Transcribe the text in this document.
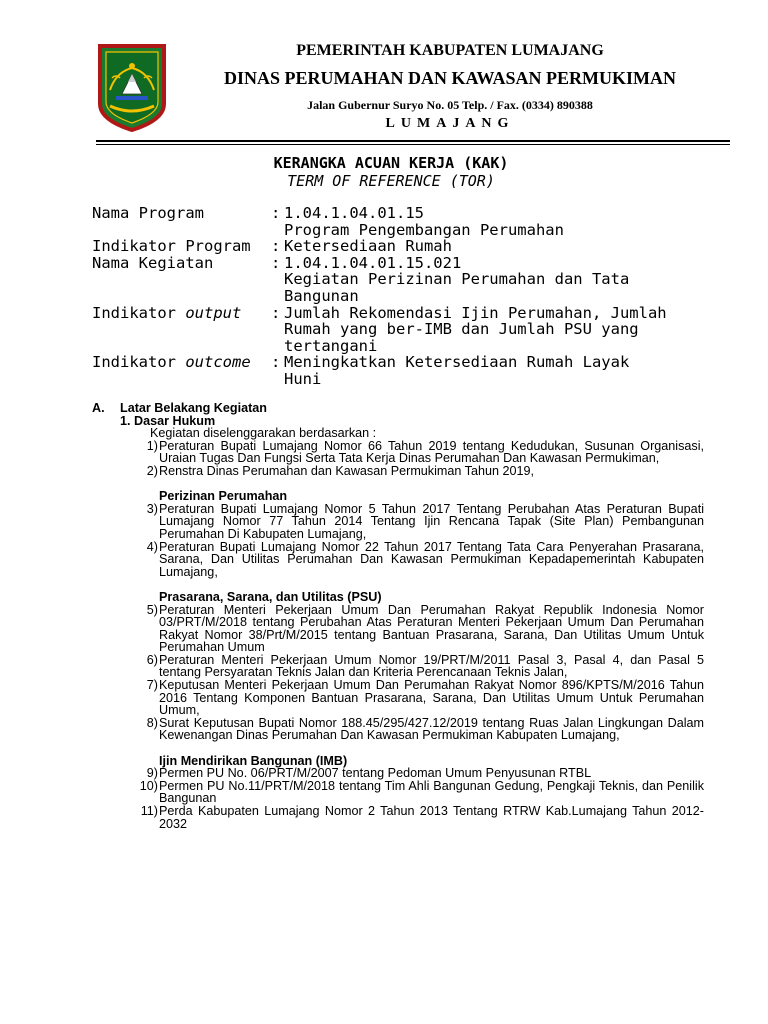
PEMERINTAH KABUPATEN LUMAJANG
DINAS PERUMAHAN DAN KAWASAN PERMUKIMAN
Jalan Gubernur Suryo No. 05 Telp. / Fax. (0334) 890388
LUMAJANG
KERANGKA ACUAN KERJA (KAK)
TERM OF REFERENCE (TOR)
Nama Program	: 1.04.1.04.01.15
Program Pengembangan Perumahan
Indikator Program	: Ketersediaan Rumah
Nama Kegiatan	: 1.04.1.04.01.15.021
Kegiatan Perizinan Perumahan dan Tata
Bangunan
Indikator output	: Jumlah Rekomendasi Ijin Perumahan, Jumlah
Rumah yang ber-IMB dan Jumlah PSU yang
tertangani
Indikator outcome	: Meningkatkan Ketersediaan Rumah Layak
Huni
A.	Latar Belakang Kegiatan
1. Dasar Hukum
Kegiatan diselenggarakan berdasarkan :
1) Peraturan Bupati Lumajang Nomor 66 Tahun 2019 tentang Kedudukan, Susunan Organisasi, Uraian Tugas Dan Fungsi Serta Tata Kerja Dinas Perumahan Dan Kawasan Permukiman,
2) Renstra Dinas Perumahan dan Kawasan Permukiman Tahun 2019,
Perizinan Perumahan
3) Peraturan Bupati Lumajang Nomor 5 Tahun 2017 Tentang Perubahan Atas Peraturan Bupati Lumajang Nomor 77 Tahun 2014 Tentang Ijin Rencana Tapak (Site Plan) Pembangunan Perumahan Di Kabupaten Lumajang,
4) Peraturan Bupati Lumajang Nomor 22 Tahun 2017 Tentang Tata Cara Penyerahan Prasarana, Sarana, Dan Utilitas Perumahan Dan Kawasan Permukiman Kepadapemerintah Kabupaten Lumajang,
Prasarana, Sarana, dan Utilitas (PSU)
5) Peraturan Menteri Pekerjaan Umum Dan Perumahan Rakyat Republik Indonesia Nomor 03/PRT/M/2018 tentang Perubahan Atas Peraturan Menteri Pekerjaan Umum Dan Perumahan Rakyat Nomor 38/Prt/M/2015 tentang Bantuan Prasarana, Sarana, Dan Utilitas Umum Untuk Perumahan Umum
6) Peraturan Menteri Pekerjaan Umum Nomor 19/PRT/M/2011 Pasal 3, Pasal 4, dan Pasal 5 tentang Persyaratan Teknis Jalan dan Kriteria Perencanaan Teknis Jalan,
7) Keputusan Menteri Pekerjaan Umum Dan Perumahan Rakyat Nomor 896/KPTS/M/2016 Tahun 2016 Tentang Komponen Bantuan Prasarana, Sarana, Dan Utilitas Umum Untuk Perumahan Umum,
8) Surat Keputusan Bupati Nomor 188.45/295/427.12/2019 tentang Ruas Jalan Lingkungan Dalam Kewenangan Dinas Perumahan Dan Kawasan Permukiman Kabupaten Lumajang,
Ijin Mendirikan Bangunan (IMB)
9) Permen PU No. 06/PRT/M/2007 tentang Pedoman Umum Penyusunan RTBL
10) Permen PU No.11/PRT/M/2018 tentang Tim Ahli Bangunan Gedung, Pengkaji Teknis, dan Penilik Bangunan
11) Perda Kabupaten Lumajang Nomor 2 Tahun 2013 Tentang RTRW Kab.Lumajang Tahun 2012-2032
